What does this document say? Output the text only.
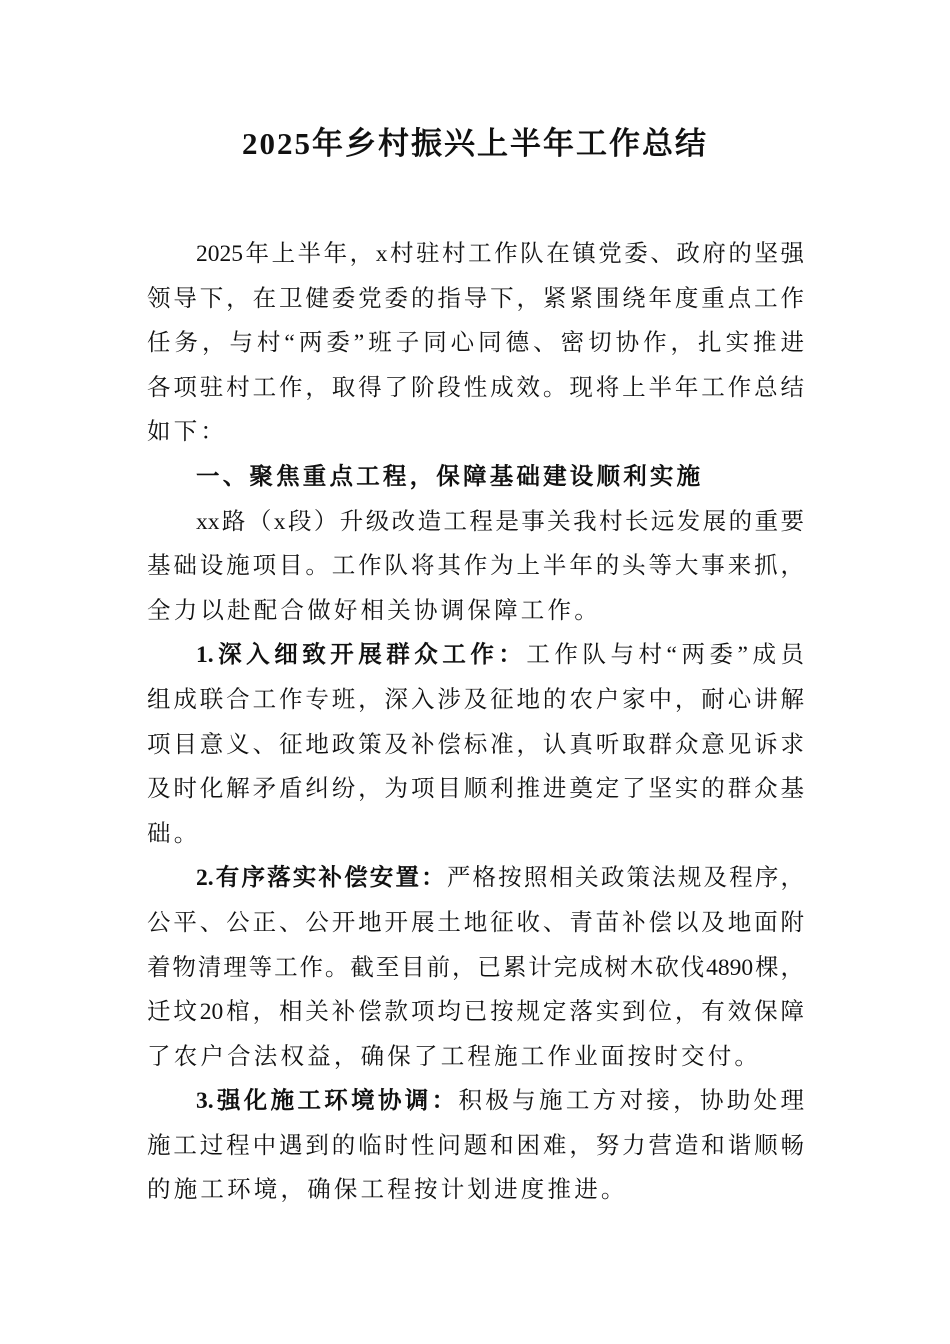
2025年乡村振兴上半年工作总结
2025年上半年，x村驻村工作队在镇党委、政府的坚强
领导下，在卫健委党委的指导下，紧紧围绕年度重点工作
任务，与村“两委”班子同心同德、密切协作，扎实推进
各项驻村工作，取得了阶段性成效。现将上半年工作总结
如下：
一、聚焦重点工程，保障基础建设顺利实施
xx路（x段）升级改造工程是事关我村长远发展的重要
基础设施项目。工作队将其作为上半年的头等大事来抓，
全力以赴配合做好相关协调保障工作。
1.深入细致开展群众工作：工作队与村“两委”成员
组成联合工作专班，深入涉及征地的农户家中，耐心讲解
项目意义、征地政策及补偿标准，认真听取群众意见诉求
及时化解矛盾纠纷，为项目顺利推进奠定了坚实的群众基
础。
2.有序落实补偿安置：严格按照相关政策法规及程序，
公平、公正、公开地开展土地征收、青苗补偿以及地面附
着物清理等工作。截至目前，已累计完成树木砍伐4890棵，
迁坟20棺，相关补偿款项均已按规定落实到位，有效保障
了农户合法权益，确保了工程施工作业面按时交付。
3.强化施工环境协调：积极与施工方对接，协助处理
施工过程中遇到的临时性问题和困难，努力营造和谐顺畅
的施工环境，确保工程按计划进度推进。
